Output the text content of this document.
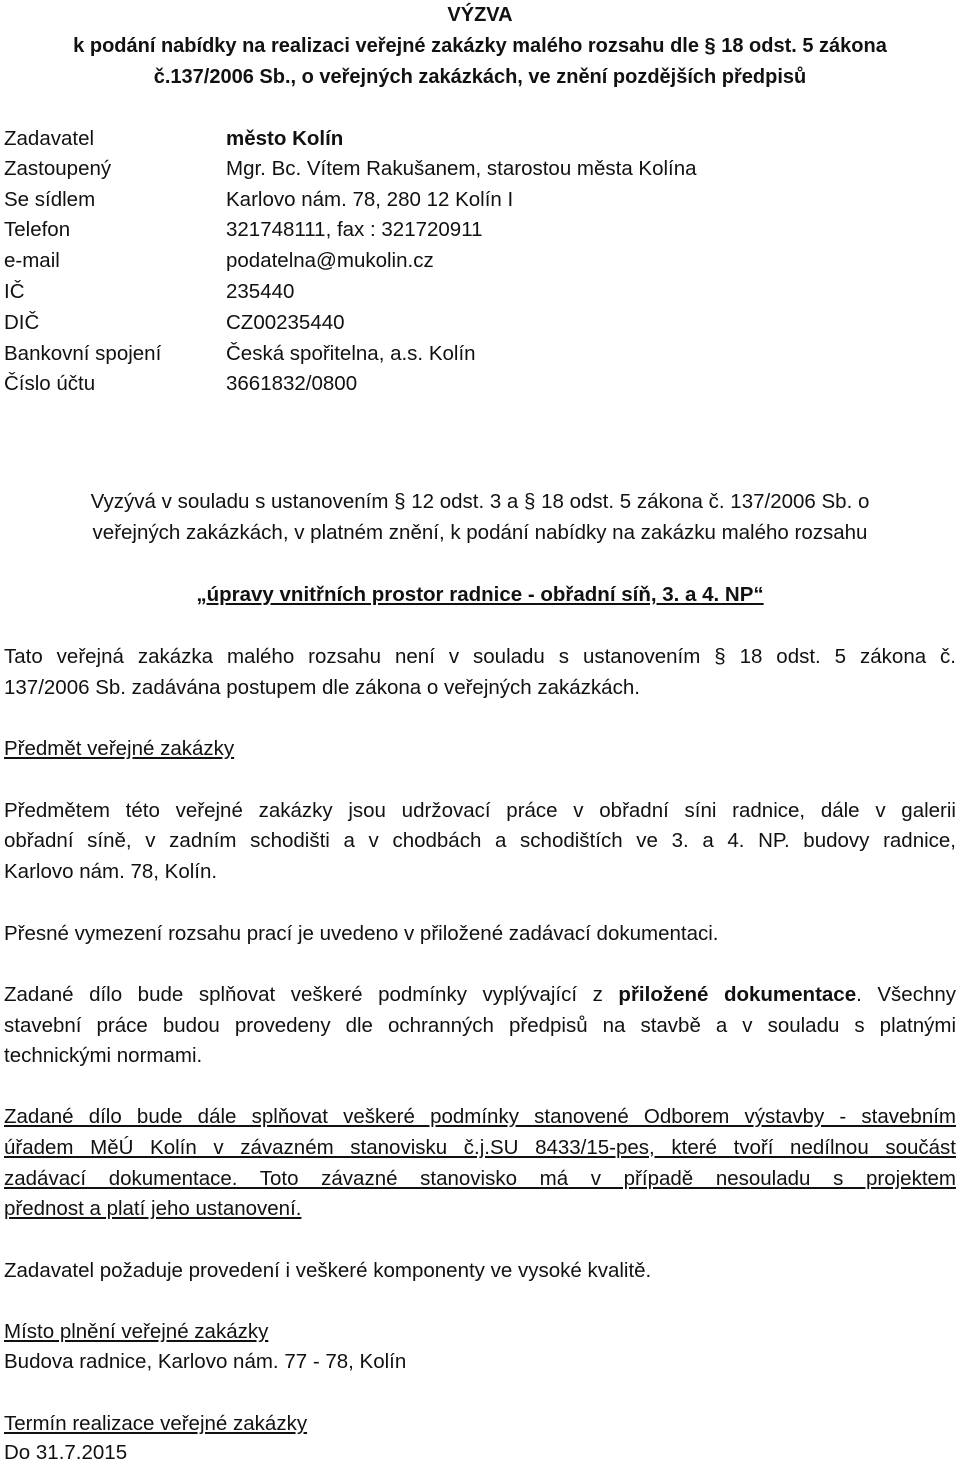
VÝZVA
k podání nabídky na realizaci veřejné zakázky malého rozsahu dle § 18 odst. 5 zákona
č.137/2006 Sb., o veřejných zakázkách, ve znění pozdějších předpisů
Zadavatel	město Kolín
Zastoupený	Mgr. Bc. Vítem Rakušanem, starostou města Kolína
Se sídlem	Karlovo nám. 78, 280 12 Kolín I
Telefon	321748111, fax : 321720911
e-mail	podatelna@mukolin.cz
IČ	235440
DIČ	CZ00235440
Bankovní spojení	Česká spořitelna, a.s. Kolín
Číslo účtu	3661832/0800
Vyzývá v souladu s ustanovením § 12 odst. 3 a § 18 odst. 5 zákona č. 137/2006 Sb. o
veřejných zakázkách, v platném znění, k podání nabídky na zakázku malého rozsahu
„úpravy vnitřních prostor radnice - obřadní síň, 3. a 4. NP“
Tato veřejná zakázka malého rozsahu není v souladu s ustanovením § 18 odst. 5 zákona č.
137/2006 Sb. zadávána postupem dle zákona o veřejných zakázkách.
Předmět veřejné zakázky
Předmětem této veřejné zakázky jsou udržovací práce v obřadní síni radnice, dále v galerii
obřadní síně, v zadním schodišti a v chodbách a schodištích ve 3. a 4. NP. budovy radnice,
Karlovo nám. 78, Kolín.
Přesné vymezení rozsahu prací je uvedeno v přiložené zadávací dokumentaci.
Zadané dílo bude splňovat veškeré podmínky vyplývající z přiložené dokumentace. Všechny
stavební práce budou provedeny dle ochranných předpisů na stavbě a v souladu s platnými
technickými normami.
Zadané dílo bude dále splňovat veškeré podmínky stanovené Odborem výstavby - stavebním
úřadem MěÚ Kolín v závazném stanovisku č.j.SU 8433/15-pes, které tvoří nedílnou součást
zadávací dokumentace. Toto závazné stanovisko má v případě nesouladu s projektem
přednost a platí jeho ustanovení.
Zadavatel požaduje provedení i veškeré komponenty ve vysoké kvalitě.
Místo plnění veřejné zakázky
Budova radnice, Karlovo nám. 77 - 78, Kolín
Termín realizace veřejné zakázky
Do 31.7.2015
